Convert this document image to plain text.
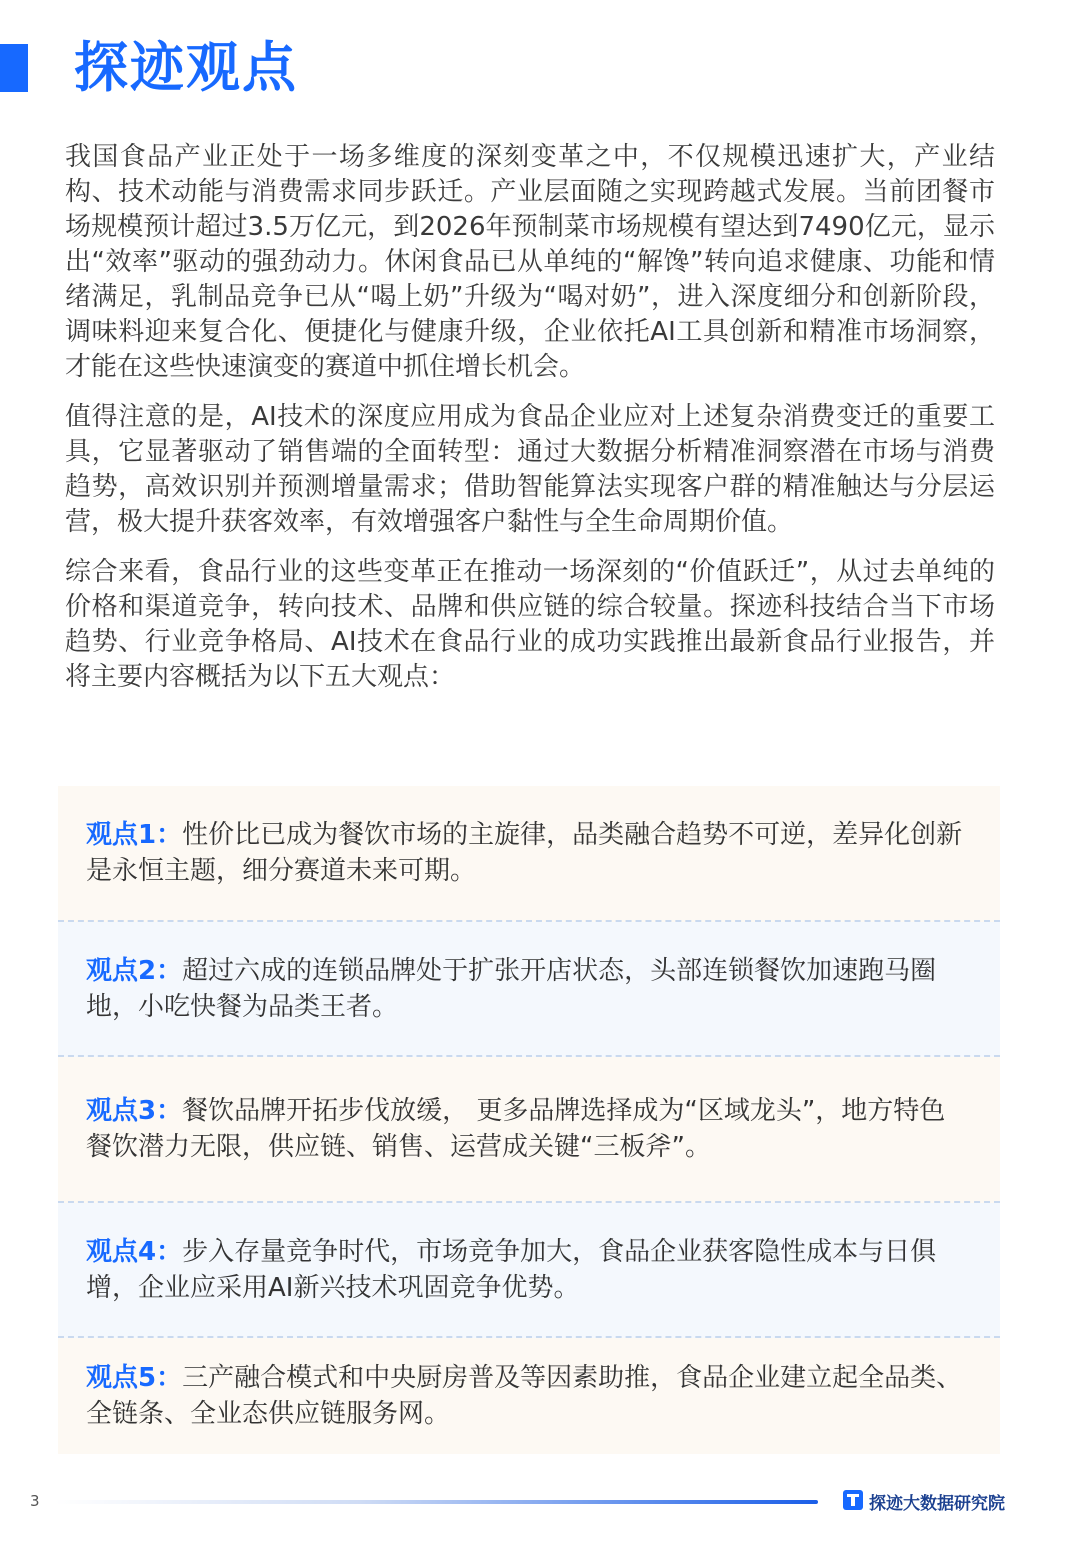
探迹观点

我国食品产业正处于一场多维度的深刻变革之中，不仅规模迅速扩大，产业结构、技术动能与消费需求同步跃迁。产业层面随之实现跨越式发展。当前团餐市场规模预计超过3.5万亿元，到2026年预制菜市场规模有望达到7490亿元，显示出“效率”驱动的强劲动力。休闲食品已从单纯的“解馋”转向追求健康、功能和情绪满足，乳制品竞争已从“喝上奶”升级为“喝对奶”，进入深度细分和创新阶段，调味料迎来复合化、便捷化与健康升级，企业依托AI工具创新和精准市场洞察，才能在这些快速演变的赛道中抓住增长机会。

值得注意的是，AI技术的深度应用成为食品企业应对上述复杂消费变迁的重要工具，它显著驱动了销售端的全面转型：通过大数据分析精准洞察潜在市场与消费趋势，高效识别并预测增量需求；借助智能算法实现客户群的精准触达与分层运营，极大提升获客效率，有效增强客户黏性与全生命周期价值。

综合来看，食品行业的这些变革正在推动一场深刻的“价值跃迁”，从过去单纯的价格和渠道竞争，转向技术、品牌和供应链的综合较量。探迹科技结合当下市场趋势、行业竞争格局、AI技术在食品行业的成功实践推出最新食品行业报告，并将主要内容概括为以下五大观点：

观点1：性价比已成为餐饮市场的主旋律，品类融合趋势不可逆，差异化创新是永恒主题，细分赛道未来可期。

观点2：超过六成的连锁品牌处于扩张开店状态，头部连锁餐饮加速跑马圈地，小吃快餐为品类王者。

观点3：餐饮品牌开拓步伐放缓， 更多品牌选择成为“区域龙头”，地方特色餐饮潜力无限，供应链、销售、运营成关键“三板斧”。

观点4：步入存量竞争时代，市场竞争加大，食品企业获客隐性成本与日俱增，企业应采用AI新兴技术巩固竞争优势。

观点5：三产融合模式和中央厨房普及等因素助推，食品企业建立起全品类、全链条、全业态供应链服务网。

3	探迹大数据研究院
